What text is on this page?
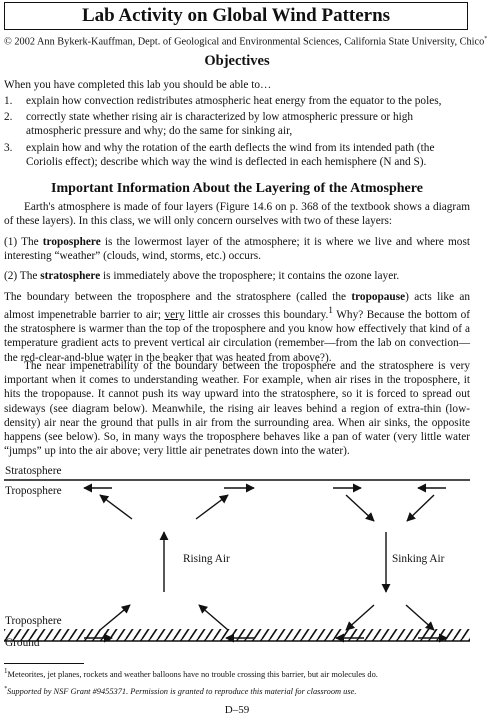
Lab Activity on Global Wind Patterns
© 2002 Ann Bykerk-Kauffman, Dept. of Geological and Environmental Sciences, California State University, Chico*
Objectives
When you have completed this lab you should be able to…
1. explain how convection redistributes atmospheric heat energy from the equator to the poles,
2. correctly state whether rising air is characterized by low atmospheric pressure or high atmospheric pressure and why; do the same for sinking air,
3. explain how and why the rotation of the earth deflects the wind from its intended path (the Coriolis effect); describe which way the wind is deflected in each hemisphere (N and S).
Important Information About the Layering of the Atmosphere
Earth's atmosphere is made of four layers (Figure 14.6 on p. 368 of the textbook shows a diagram of these layers). In this class, we will only concern ourselves with two of these layers:
(1) The troposphere is the lowermost layer of the atmosphere; it is where we live and where most interesting “weather” (clouds, wind, storms, etc.) occurs.
(2) The stratosphere is immediately above the troposphere; it contains the ozone layer.
The boundary between the troposphere and the stratosphere (called the tropopause) acts like an almost impenetrable barrier to air; very little air crosses this boundary.$^1$ Why? Because the bottom of the stratosphere is warmer than the top of the troposphere and you know how effectively that kind of a temperature gradient acts to prevent vertical air circulation (remember—from the lab on convection—the red-clear-and-blue water in the beaker that was heated from above?).
The near impenetrability of the boundary between the troposphere and the stratosphere is very important when it comes to understanding weather. For example, when air rises in the troposphere, it hits the tropopause. It cannot push its way upward into the stratosphere, so it is forced to spread out sideways (see diagram below). Meanwhile, the rising air leaves behind a region of extra-thin (low-density) air near the ground that pulls in air from the surrounding area. When air sinks, the opposite happens (see below). So, in many ways the troposphere behaves like a pan of water (very little water “jumps” up into the air above; very little air penetrates down into the water).
Stratosphere
Troposphere
Rising Air	Sinking Air
Troposphere
Ground
$^1$Meteorites, jet planes, rockets and weather balloons have no trouble crossing this barrier, but air molecules do.
*Supported by NSF Grant #9455371. Permission is granted to reproduce this material for classroom use.
D–59
